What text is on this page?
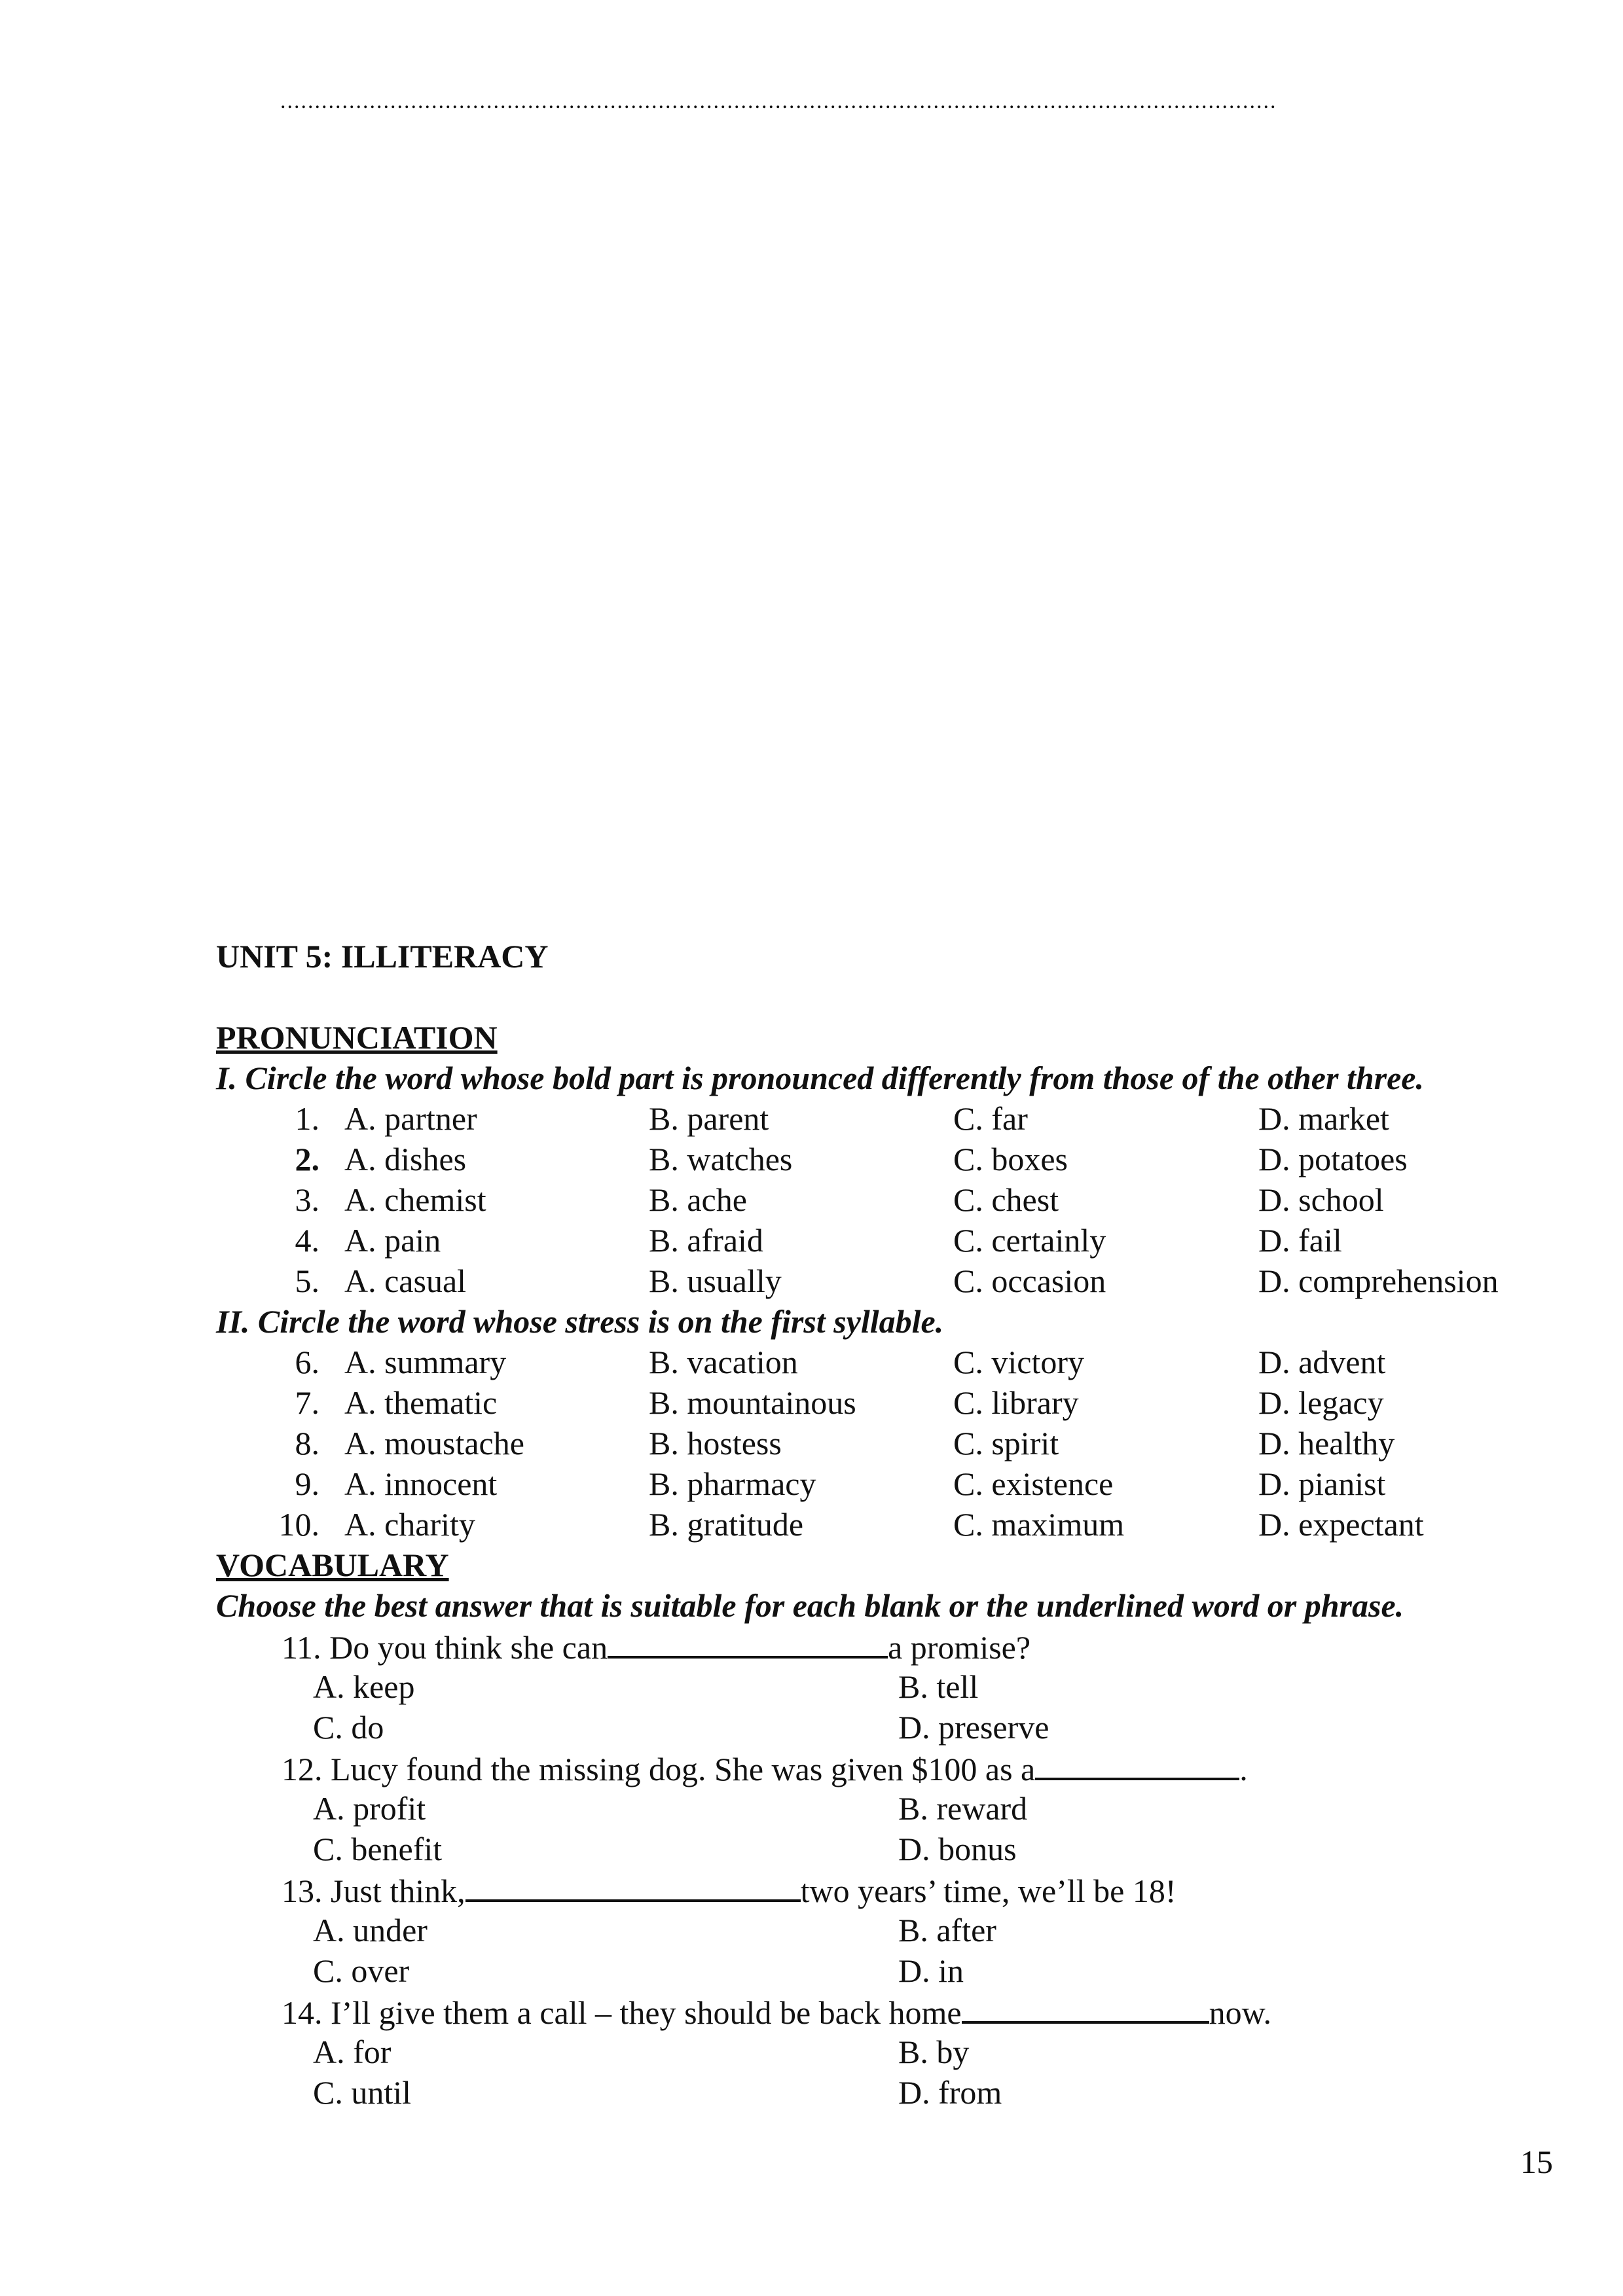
.................................................................................................................................................
UNIT 5: ILLITERACY
PRONUNCIATION
I. Circle the word whose bold part is pronounced differently from those of the other three.
1. A. partner	B. parent	C. far	D. market
2. A. dishes	B. watches	C. boxes	D. potatoes
3. A. chemist	B. ache	C. chest	D. school
4. A. pain	B. afraid	C. certainly	D. fail
5. A. casual	B. usually	C. occasion	D. comprehension
II. Circle the word whose stress is on the first syllable.
6. A. summary	B. vacation	C. victory	D. advent
7. A. thematic	B. mountainous	C. library	D. legacy
8. A. moustache	B. hostess	C. spirit	D. healthy
9. A. innocent	B. pharmacy	C. existence	D. pianist
10. A. charity	B. gratitude	C. maximum	D. expectant
VOCABULARY
Choose the best answer that is suitable for each blank or the underlined word or phrase.
11. Do you think she can	a promise?
A. keep	B. tell
C. do	D. preserve
12. Lucy found the missing dog. She was given $100 as a	.
A. profit	B. reward
C. benefit	D. bonus
13. Just think,	two years’ time, we’ll be 18!
A. under	B. after
C. over	D. in
14. I’ll give them a call – they should be back home	now.
A. for	B. by
C. until	D. from
15
